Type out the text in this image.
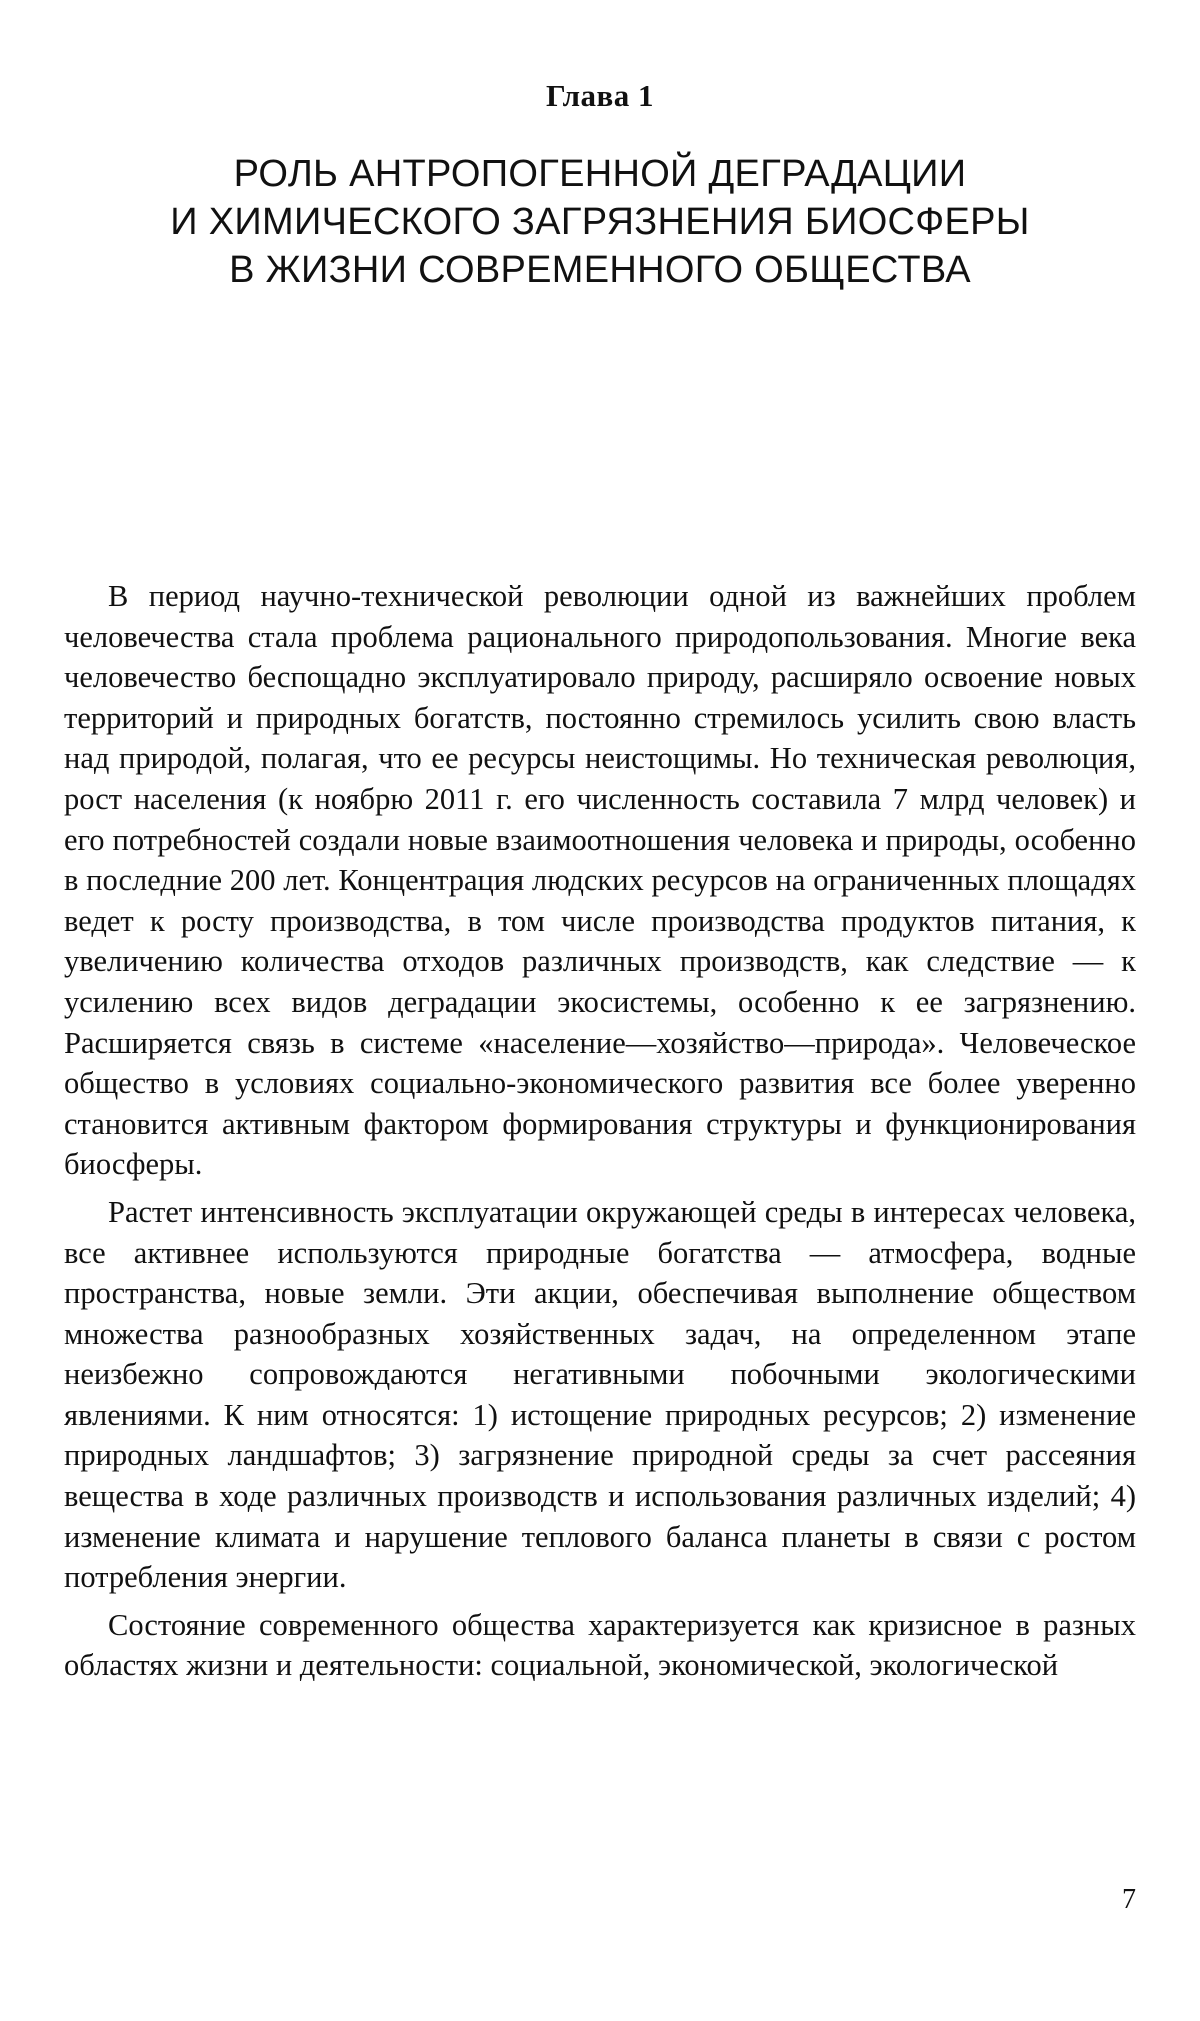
Глава 1
РОЛЬ АНТРОПОГЕННОЙ ДЕГРАДАЦИИ
И ХИМИЧЕСКОГО ЗАГРЯЗНЕНИЯ БИОСФЕРЫ
В ЖИЗНИ СОВРЕМЕННОГО ОБЩЕСТВА

В период научно-технической революции одной из важнейших проблем человечества стала проблема рационального природопользования. Многие века человечество беспощадно эксплуатировало природу, расширяло освоение новых территорий и природных богатств, постоянно стремилось усилить свою власть над природой, полагая, что ее ресурсы неистощимы. Но техническая революция, рост населения (к ноябрю 2011 г. его численность составила 7 млрд человек) и его потребностей создали новые взаимоотношения человека и природы, особенно в последние 200 лет. Концентрация людских ресурсов на ограниченных площадях ведет к росту производства, в том числе производства продуктов питания, к увеличению количества отходов различных производств, как следствие — к усилению всех видов деградации экосистемы, особенно к ее загрязнению. Расширяется связь в системе «население—хозяйство—природа». Человеческое общество в условиях социально-экономического развития все более уверенно становится активным фактором формирования структуры и функционирования биосферы.

Растет интенсивность эксплуатации окружающей среды в интересах человека, все активнее используются природные богатства — атмосфера, водные пространства, новые земли. Эти акции, обеспечивая выполнение обществом множества разнообразных хозяйственных задач, на определенном этапе неизбежно сопровождаются негативными побочными экологическими явлениями. К ним относятся: 1) истощение природных ресурсов; 2) изменение природных ландшафтов; 3) загрязнение природной среды за счет рассеяния вещества в ходе различных производств и использования различных изделий; 4) изменение климата и нарушение теплового баланса планеты в связи с ростом потребления энергии.

Состояние современного общества характеризуется как кризисное в разных областях жизни и деятельности: социальной, экономической, экологической

7
